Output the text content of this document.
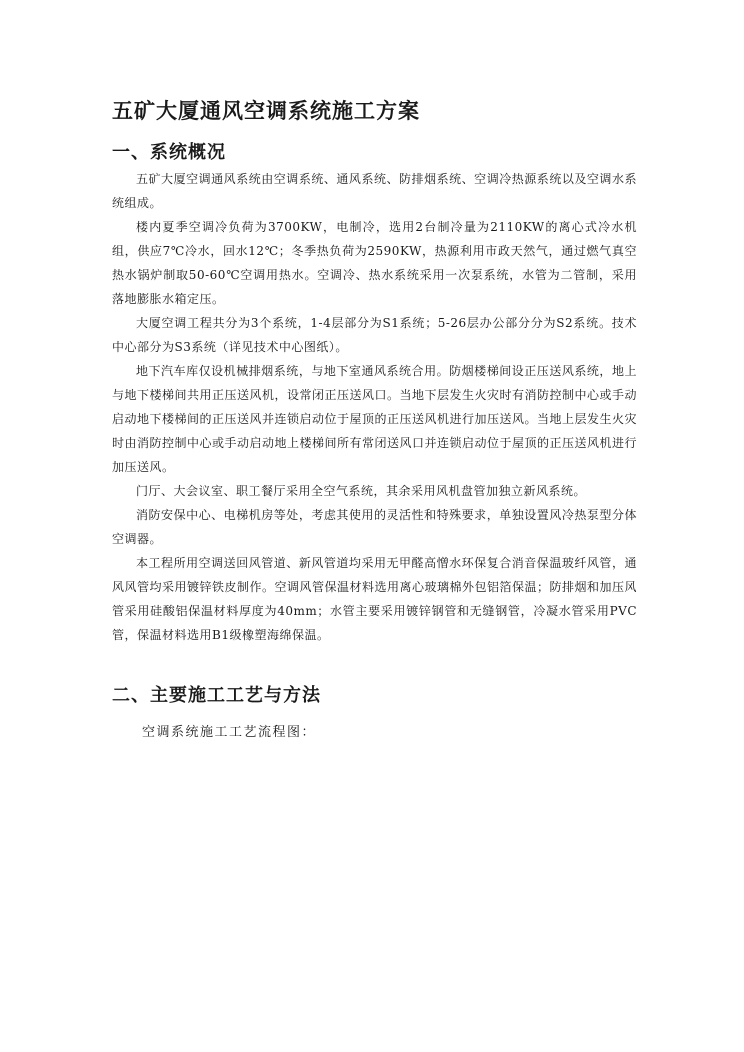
五矿大厦通风空调系统施工方案
一、系统概况

五矿大厦空调通风系统由空调系统、通风系统、防排烟系统、空调冷热源系统以及空调水系统组成。

楼内夏季空调冷负荷为3700KW，电制冷，选用2台制冷量为2110KW的离心式冷水机组，供应7℃冷水，回水12℃；冬季热负荷为2590KW，热源利用市政天然气，通过燃气真空热水锅炉制取50-60℃空调用热水。空调冷、热水系统采用一次泵系统，水管为二管制，采用落地膨胀水箱定压。

大厦空调工程共分为3个系统，1-4层部分为S1系统；5-26层办公部分分为S2系统。技术中心部分为S3系统（详见技术中心图纸）。

地下汽车库仅设机械排烟系统，与地下室通风系统合用。防烟楼梯间设正压送风系统，地上与地下楼梯间共用正压送风机，设常闭正压送风口。当地下层发生火灾时有消防控制中心或手动启动地下楼梯间的正压送风并连锁启动位于屋顶的正压送风机进行加压送风。当地上层发生火灾时由消防控制中心或手动启动地上楼梯间所有常闭送风口并连锁启动位于屋顶的正压送风机进行加压送风。

门厅、大会议室、职工餐厅采用全空气系统，其余采用风机盘管加独立新风系统。

消防安保中心、电梯机房等处，考虑其使用的灵活性和特殊要求，单独设置风冷热泵型分体空调器。

本工程所用空调送回风管道、新风管道均采用无甲醛高憎水环保复合消音保温玻纤风管，通风风管均采用镀锌铁皮制作。空调风管保温材料选用离心玻璃棉外包铝箔保温；防排烟和加压风管采用硅酸铝保温材料厚度为40mm；水管主要采用镀锌钢管和无缝钢管，冷凝水管采用PVC管，保温材料选用B1级橡塑海绵保温。

二、主要施工工艺与方法
空调系统施工工艺流程图：
